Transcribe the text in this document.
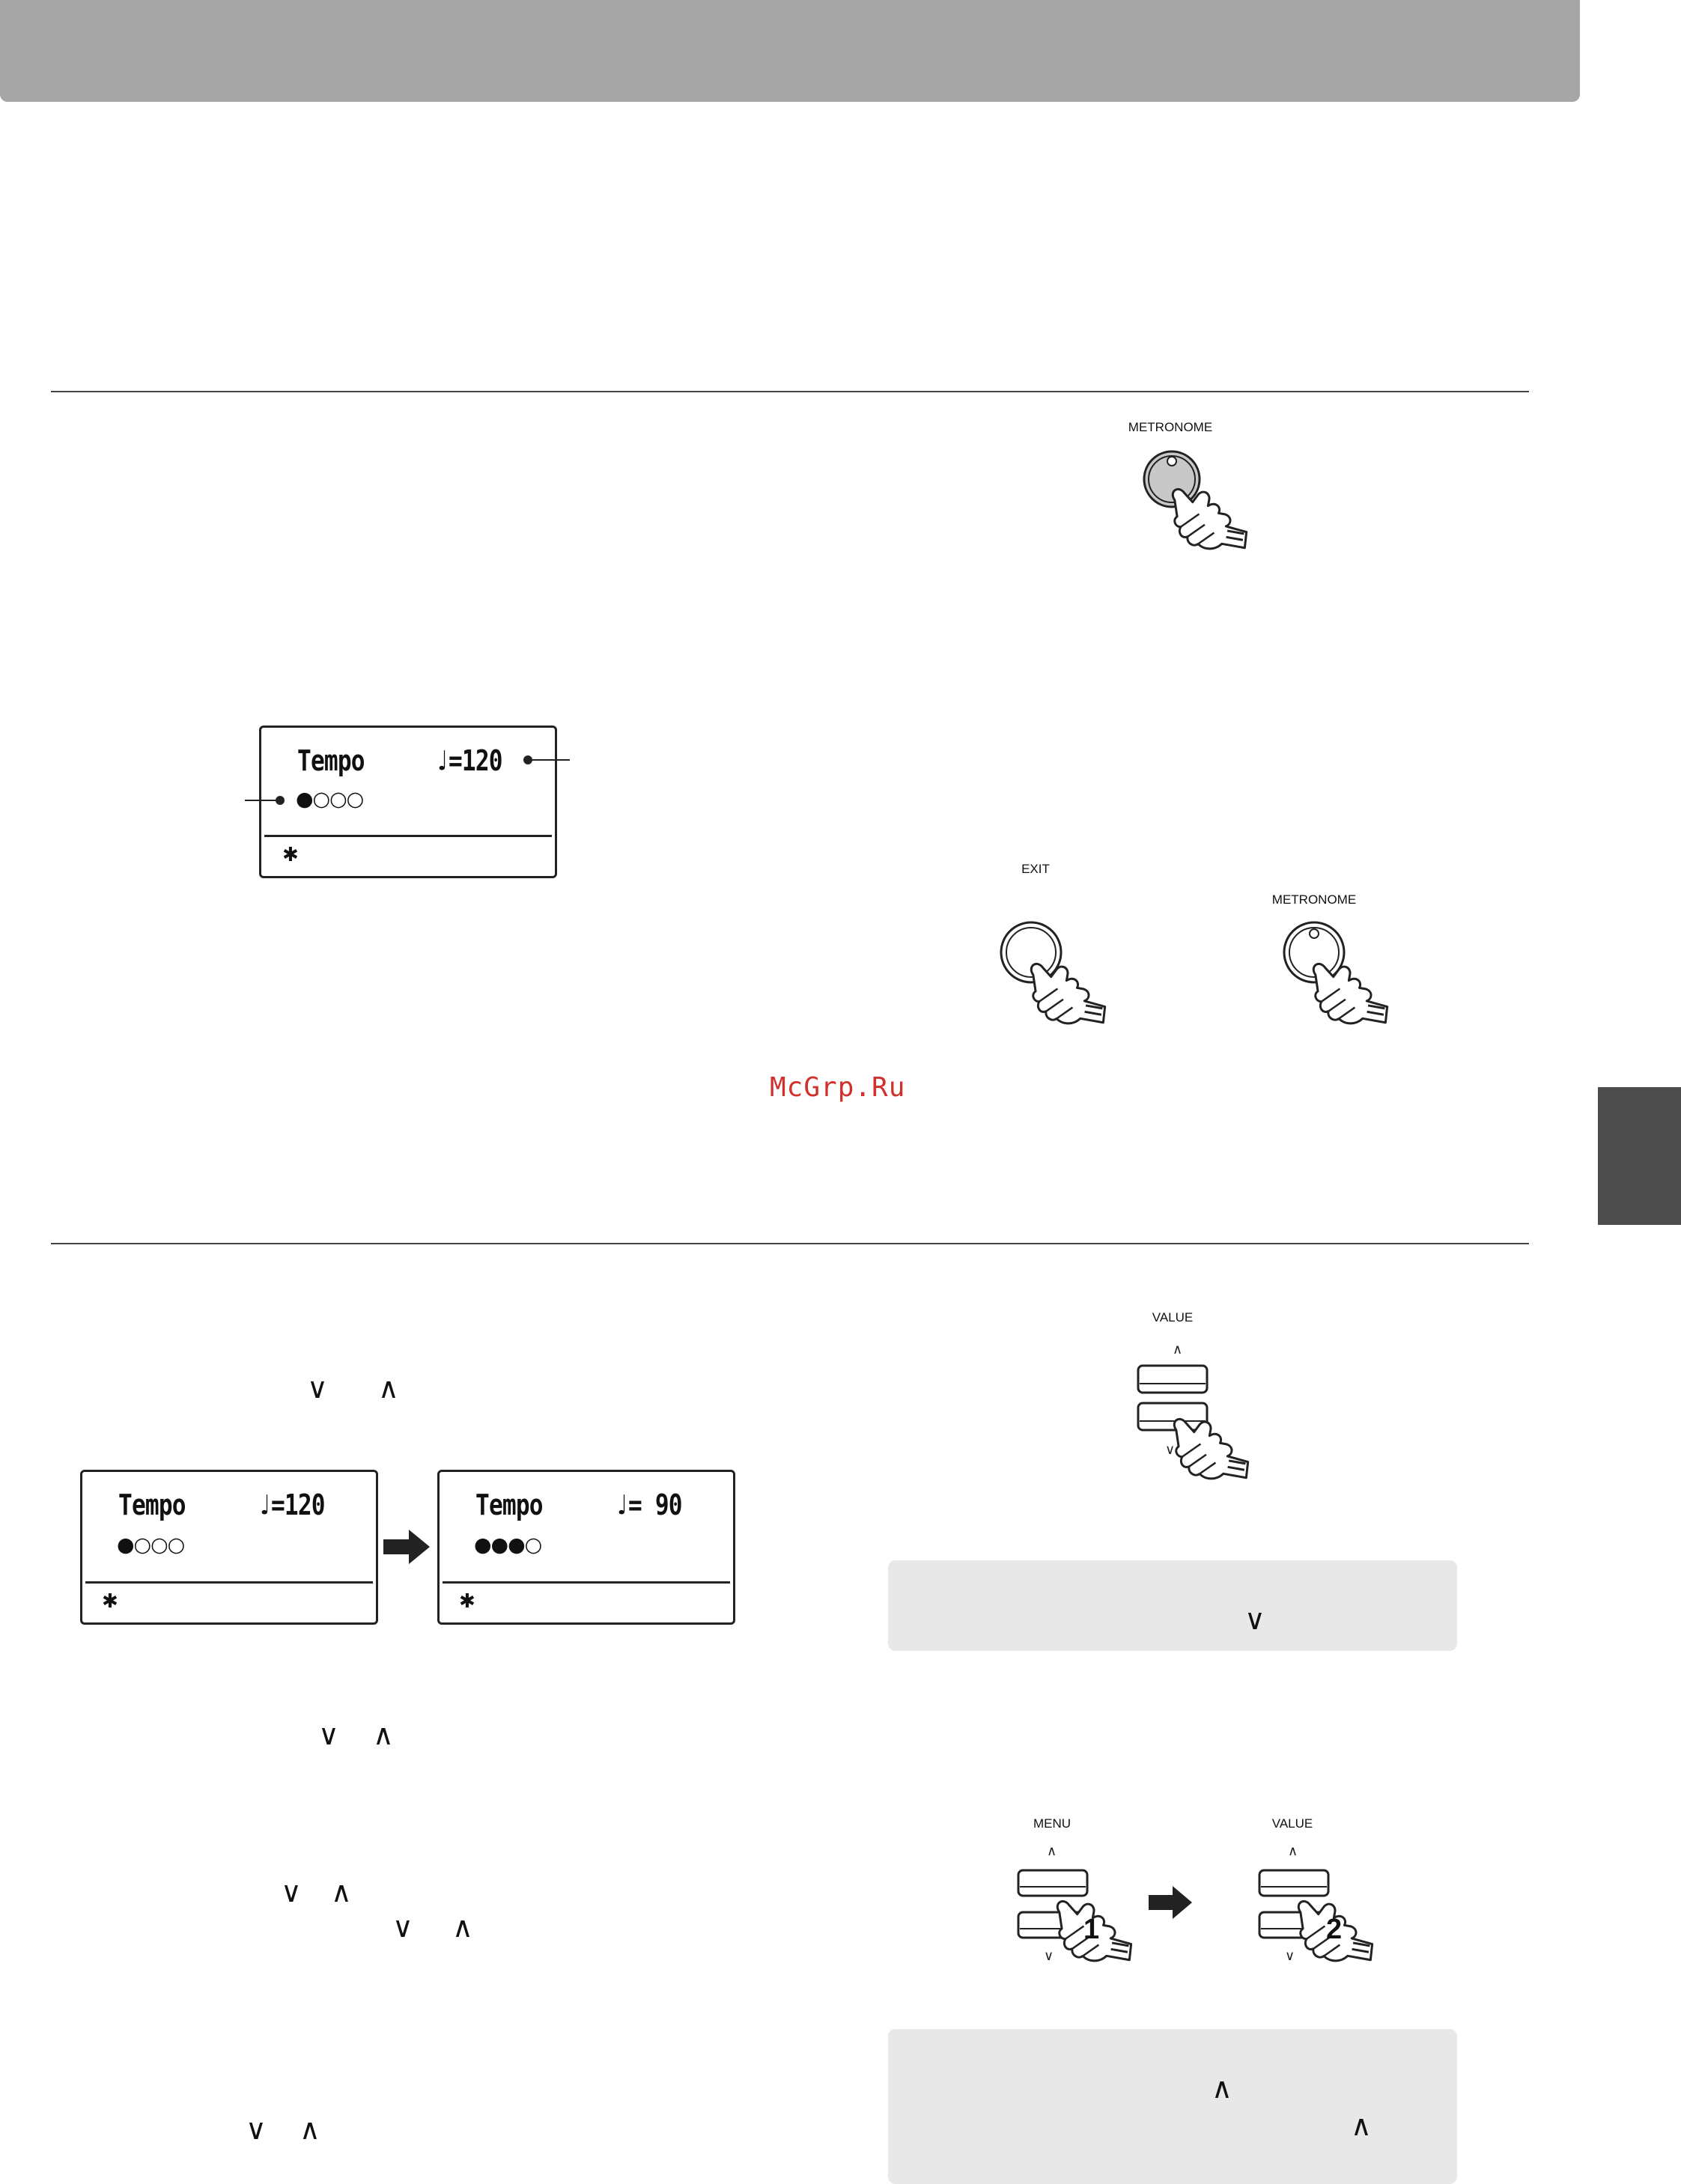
McGrp.Ru
METRONOME
EXIT
METRONOME
Tempo ♩=120
●○○○
✱
∨ ∧
Tempo	♩=120
●○○○
✱
Tempo	♩= 90
●●●○
✱
∨ ∧
∨ ∧
∨ ∧
∨ ∧
VALUE
∧
∨
∨
MENU	VALUE
∧
∨
1
∧
∨
2
∧
∧
